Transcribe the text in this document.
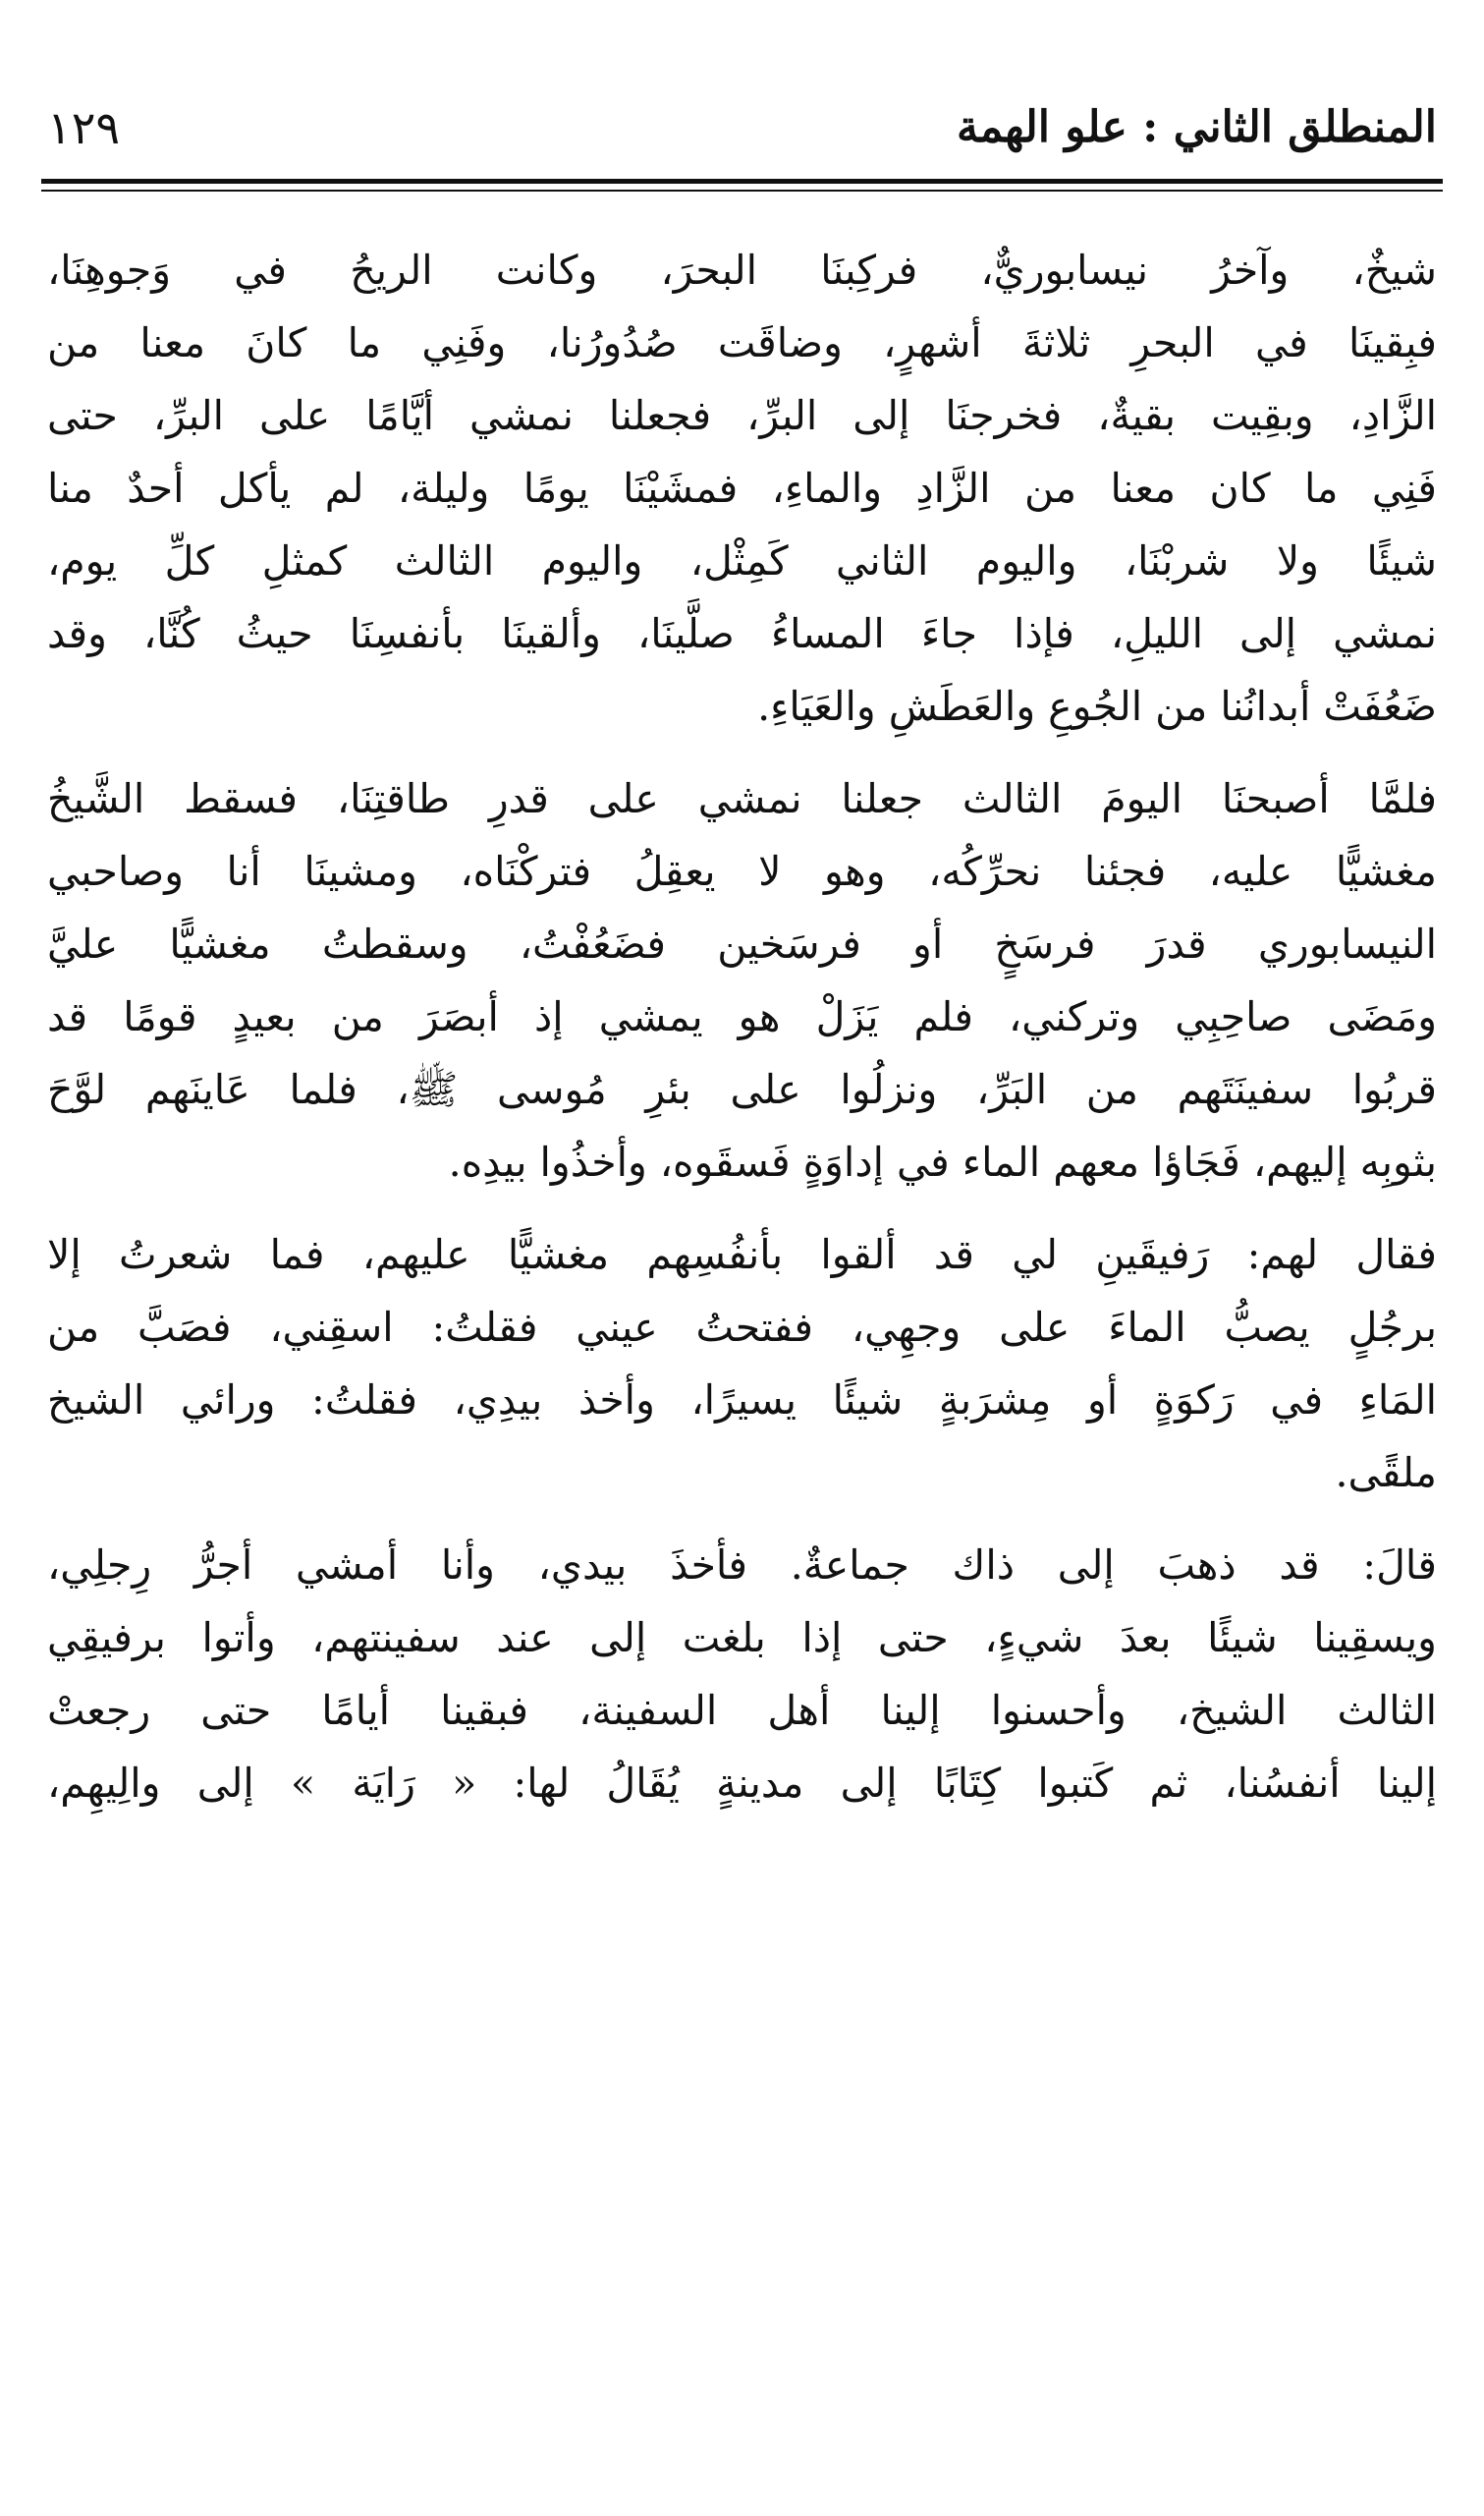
المنطلق الثاني : علو الهمة
١٢٩
شيخٌ، وآخرُ نيسابوريٌّ، فركِبنَا البحرَ، وكانت الريحُ في وَجوهِنَا،
فبِقينَا في البحرِ ثلاثةَ أشهرٍ، وضاقَت صُدُورُنا، وفَنِي ما كانَ معنا من
الزَّادِ، وبقِيت بقيةٌ، فخرجنَا إلى البرِّ، فجعلنا نمشي أيَّامًا على البرِّ، حتى
فَنِي ما كان معنا من الزَّادِ والماءِ، فمشَيْنَا يومًا وليلة، لم يأكل أحدٌ منا
شيئًا ولا شربْنَا، واليوم الثاني كَمِثْل، واليوم الثالث كمثلِ كلِّ يوم،
نمشي إلى الليلِ، فإذا جاءَ المساءُ صلَّينَا، وألقينَا بأنفسِنَا حيثُ كُنَّا، وقد
ضَعُفَتْ أبدانُنا من الجُوعِ والعَطَشِ والعَيَاءِ.
فلمَّا أصبحنَا اليومَ الثالث جعلنا نمشي على قدرِ طاقتِنَا، فسقط الشَّيخُ
مغشيًّا عليه، فجئنا نحرِّكُه، وهو لا يعقِلُ فتركْنَاه، ومشينَا أنا وصاحبي
النيسابوري قدرَ فرسَخٍ أو فرسَخين فضَعُفْتُ، وسقطتُ مغشيًّا عليَّ
ومَضَى صاحِبِي وتركني، فلم يَزَلْ هو يمشي إذ أبصَرَ من بعيدٍ قومًا قد
قربُوا سفينَتَهم من البَرِّ، ونزلُوا على بئرِ مُوسى ﷺ، فلما عَاينَهم لوَّحَ
بثوبِه إليهم، فَجَاؤا معهم الماء في إداوَةٍ فَسقَوه، وأخذُوا بيدِه.
فقال لهم: رَفيقَينِ لي قد ألقوا بأنفُسِهم مغشيًّا عليهم، فما شعرتُ إلا
برجُلٍ يصبُّ الماءَ على وجهِي، ففتحتُ عيني فقلتُ: اسقِني، فصَبَّ من
المَاءِ في رَكوَةٍ أو مِشرَبةٍ شيئًا يسيرًا، وأخذ بيدِي، فقلتُ: ورائي الشيخ
ملقًى.
قالَ: قد ذهبَ إلى ذاك جماعةٌ. فأخذَ بيدي، وأنا أمشي أجرُّ رِجلِي،
ويسقِينا شيئًا بعدَ شيءٍ، حتى إذا بلغت إلى عند سفينتهم، وأتوا برفيقِي
الثالث الشيخ، وأحسنوا إلينا أهل السفينة، فبقينا أيامًا حتى رجعتْ
إلينا أنفسُنا، ثم كَتبوا كِتَابًا إلى مدينةٍ يُقَالُ لها: « رَايَة » إلى والِيهِم،
